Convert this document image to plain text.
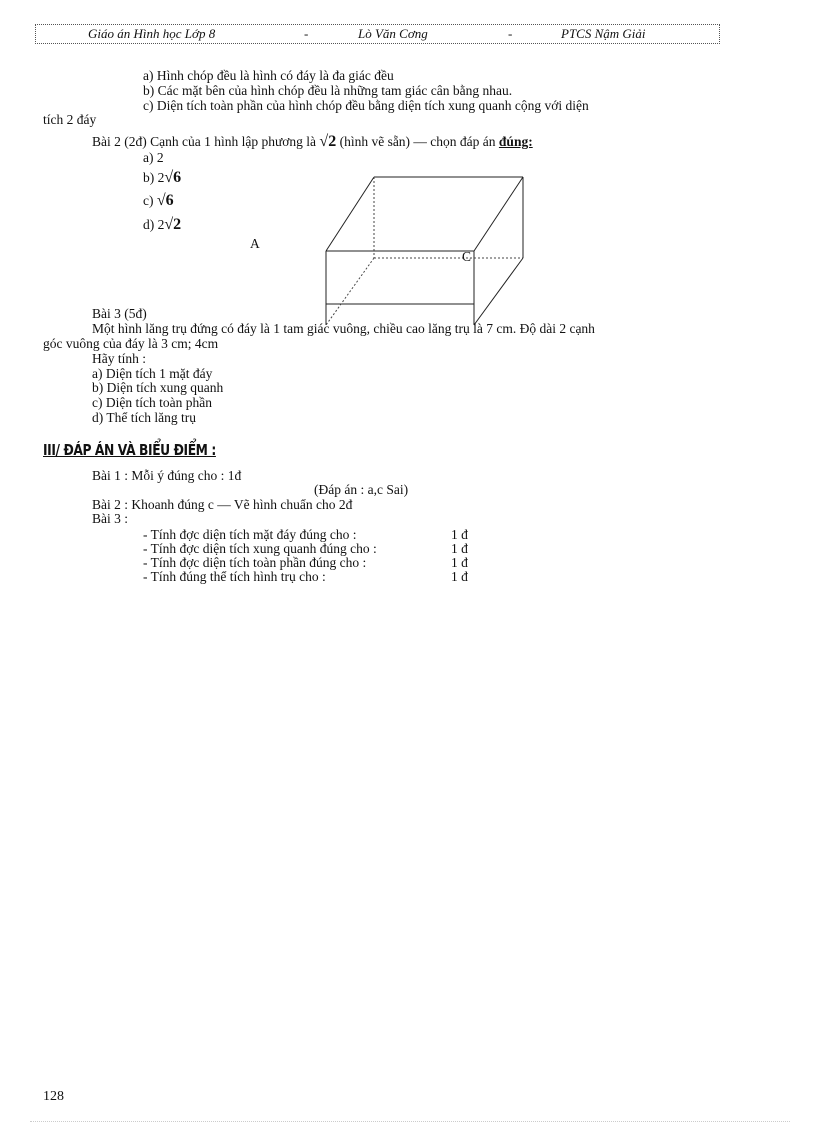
Giáo án Hình học Lớp 8	-	Lò Văn Cơng	-	PTCS Nậm Giải
a) Hình chóp đều là hình có đáy là đa giác đều
b) Các mặt bên của hình chóp đều là những tam giác cân bằng nhau.
c) Diện tích toàn phần của hình chóp đều bằng diện tích xung quanh cộng với diện
tích 2 đáy
Bài 2 (2đ) Cạnh của 1 hình lập phương là √2 (hình vẽ sẵn) — chọn đáp án đúng:
a) 2
b) 2√6
c) √6
d) 2√2
A
C
Bài 3 (5đ)
Một hình lăng trụ đứng có đáy là 1 tam giác vuông, chiều cao lăng trụ là 7 cm. Độ dài 2 cạnh
góc vuông của đáy là 3 cm; 4cm
Hãy tính :
a) Diện tích 1 mặt đáy
b) Diện tích xung quanh
c) Diện tích toàn phần
d) Thể tích lăng trụ
III/ ĐÁP ÁN VÀ BIỂU ĐIỂM :
Bài 1 : Mỗi ý đúng cho : 1đ
(Đáp án : a,c Sai)
Bài 2 : Khoanh đúng c — Vẽ hình chuẩn cho 2đ
Bài 3 :
- Tính đợc diện tích mặt đáy đúng cho :	1 đ
- Tính đợc diện tích xung quanh đúng cho :	1 đ
- Tính đợc diện tích toàn phần đúng cho :	1 đ
- Tính đúng thể tích hình trụ cho :	1 đ
128
